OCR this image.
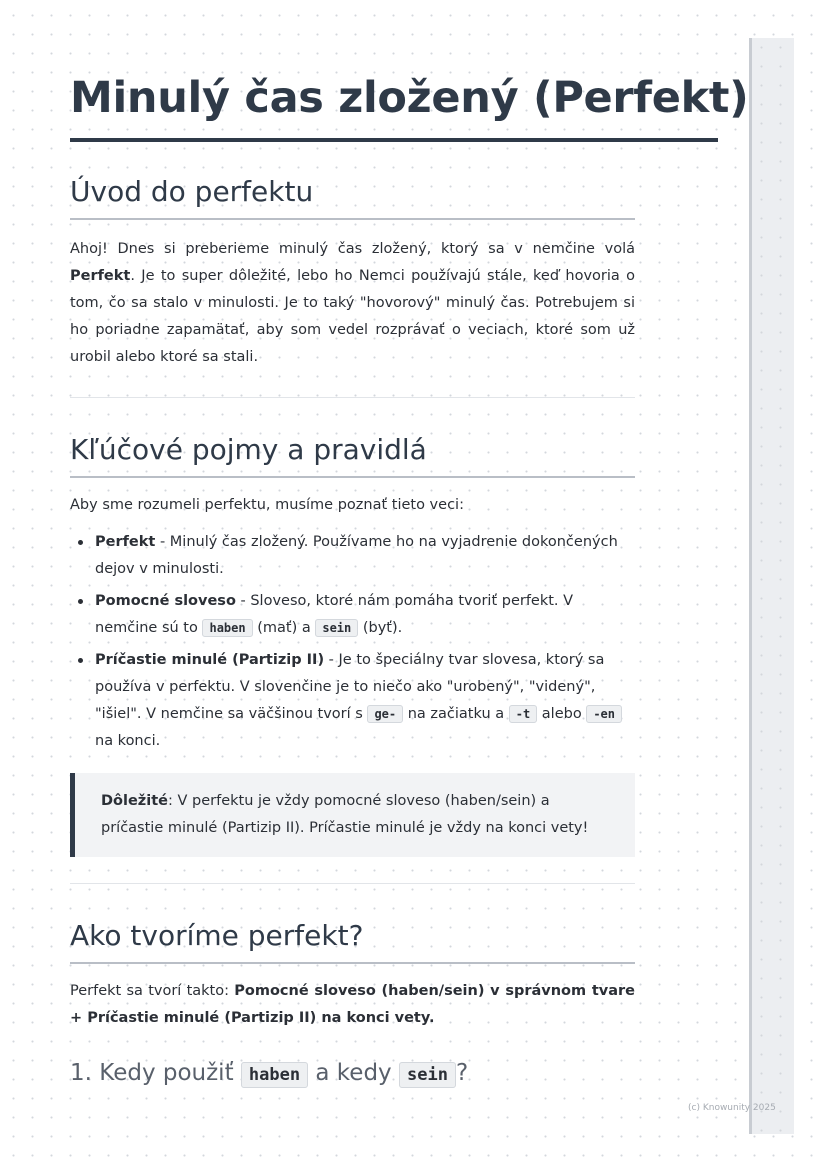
Minulý čas zložený (Perfekt)
Úvod do perfektu

Ahoj! Dnes si preberieme minulý čas zložený, ktorý sa v nemčine volá Perfekt. Je to super dôležité, lebo ho Nemci používajú stále, keď hovoria o tom, čo sa stalo v minulosti. Je to taký "hovorový" minulý čas. Potrebujem si ho poriadne zapamätať, aby som vedel rozprávať o veciach, ktoré som už urobil alebo ktoré sa stali.

Kľúčové pojmy a pravidlá

Aby sme rozumeli perfektu, musíme poznať tieto veci:

Perfekt - Minulý čas zložený. Používame ho na vyjadrenie dokončených dejov v minulosti.
Pomocné sloveso - Sloveso, ktoré nám pomáha tvoriť perfekt. V nemčine sú to haben (mať) a sein (byť).
Príčastie minulé (Partizip II) - Je to špeciálny tvar slovesa, ktorý sa používa v perfektu. V slovenčine je to niečo ako "urobený", "videný", "išiel". V nemčine sa väčšinou tvorí s ge- na začiatku a -t alebo -en na konci.
Dôležité: V perfektu je vždy pomocné sloveso (haben/sein) a príčastie minulé (Partizip II). Príčastie minulé je vždy na konci vety!
Ako tvoríme perfekt?

Perfekt sa tvorí takto: Pomocné sloveso (haben/sein) v správnom tvare + Príčastie minulé (Partizip II) na konci vety.

1. Kedy použiť haben a kedy sein ?
(c) Knowunity 2025
